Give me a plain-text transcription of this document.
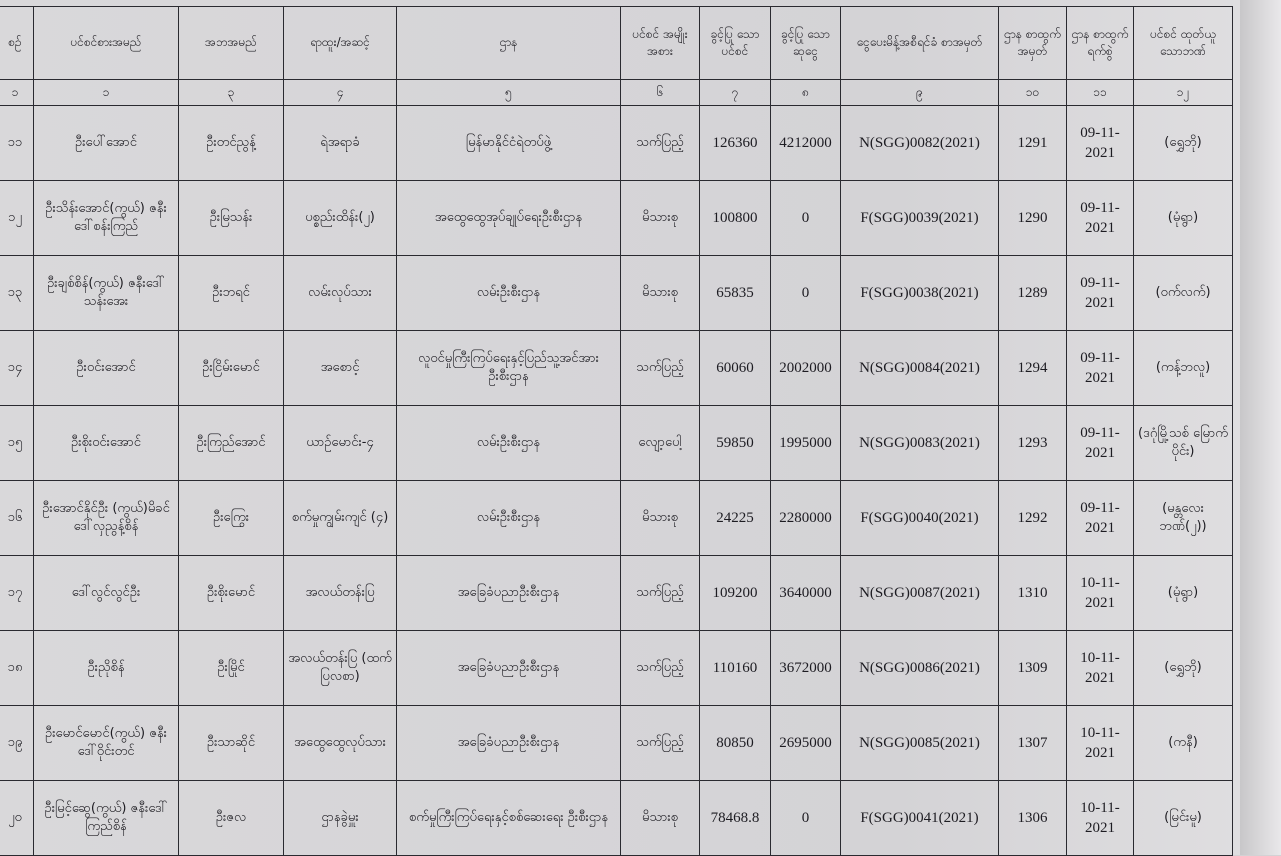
စဉ်	ပင်စင်စားအမည်	အဘအမည်	ရာထူး/အဆင့်	ဌာန	ပင်စင် အမျိုး အစား	ခွင့်ပြု သော ပင်စင်	ခွင့်ပြု သော ဆုငွေ	ငွေပေးမိန့်အစီရင်ခံ စာအမှတ်	ဌာန စာထွက် အမှတ်	ဌာန စာထွက် ရက်စွဲ	ပင်စင် ထုတ်ယူ သောဘဏ်
၁	၁	၃	၄	၅	၆	၇	၈	၉	၁၀	၁၁	၁၂
၁၁	ဦးပေါ်အောင်	ဦးတင်ညွန့်	ရဲအရာခံ	မြန်မာနိုင်ငံရဲတပ်ဖွဲ့	သက်ပြည့်	126360	4212000	N(SGG)0082(2021)	1291	09-11-2021	(ရွှေဘို)
၁၂	ဦးသိန်းအောင်(ကွယ်) ဇနီးဒေါ်စန်းကြည်	ဦးမြသန်း	ပစ္စည်းထိန်း(၂)	အထွေထွေအုပ်ချုပ်ရေးဦးစီးဌာန	မိသားစု	100800	0	F(SGG)0039(2021)	1290	09-11-2021	(မုံရွာ)
၁၃	ဦးချစ်စိန်(ကွယ်) ဇနီးဒေါ်သန်းအေး	ဦးဘရင်	လမ်းလုပ်သား	လမ်းဦးစီးဌာန	မိသားစု	65835	0	F(SGG)0038(2021)	1289	09-11-2021	(ဝက်လက်)
၁၄	ဦးဝင်းအောင်	ဦးငြိမ်းမောင်	အစောင့်	လူဝင်မှုကြီးကြပ်ရေးနှင့်ပြည်သူ့အင်အားဦးစီးဌာန	သက်ပြည့်	60060	2002000	N(SGG)0084(2021)	1294	09-11-2021	(ကန့်ဘလူ)
၁၅	ဦးစိုးဝင်းအောင်	ဦးကြည်အောင်	ယာဉ်မောင်း-၄	လမ်းဦးစီးဌာန	လျော့ပေါ့	59850	1995000	N(SGG)0083(2021)	1293	09-11-2021	(ဒဂုံမြို့သစ် မြောက်ပိုင်း)
၁၆	ဦးအောင်နိုင်ဦး (ကွယ်)မိခင် ဒေါ်လှညွန့်စိန်	ဦးကြွေး	စက်မှုကျွမ်းကျင် (၄)	လမ်းဦးစီးဌာန	မိသားစု	24225	2280000	F(SGG)0040(2021)	1292	09-11-2021	(မန္တလေး ဘဏ်(၂))
၁၇	ဒေါ်လွင်လွင်ဦး	ဦးစိုးမောင်	အလယ်တန်းပြ	အခြေခံပညာဦးစီးဌာန	သက်ပြည့်	109200	3640000	N(SGG)0087(2021)	1310	10-11-2021	(မုံရွာ)
၁၈	ဦးညိုစိန်	ဦးမြိုင်	အလယ်တန်းပြ (ထက်ပြလစာ)	အခြေခံပညာဦးစီးဌာန	သက်ပြည့်	110160	3672000	N(SGG)0086(2021)	1309	10-11-2021	(ရွှေဘို)
၁၉	ဦးမောင်မောင်(ကွယ်) ဇနီးဒေါ်ဝိုင်းတင်	ဦးသာဆိုင်	အထွေထွေလုပ်သား	အခြေခံပညာဦးစီးဌာန	သက်ပြည့်	80850	2695000	N(SGG)0085(2021)	1307	10-11-2021	(ကနီ)
၂၀	ဦးမြင့်ဆွေ(ကွယ်) ဇနီးဒေါ်ကြည်စိန်	ဦးဇလ	ဌာနခွဲမှူး	စက်မှုကြီးကြပ်ရေးနှင့်စစ်ဆေးရေး ဦးစီးဌာန	မိသားစု	78468.8	0	F(SGG)0041(2021)	1306	10-11-2021	(မြင်းမူ)
